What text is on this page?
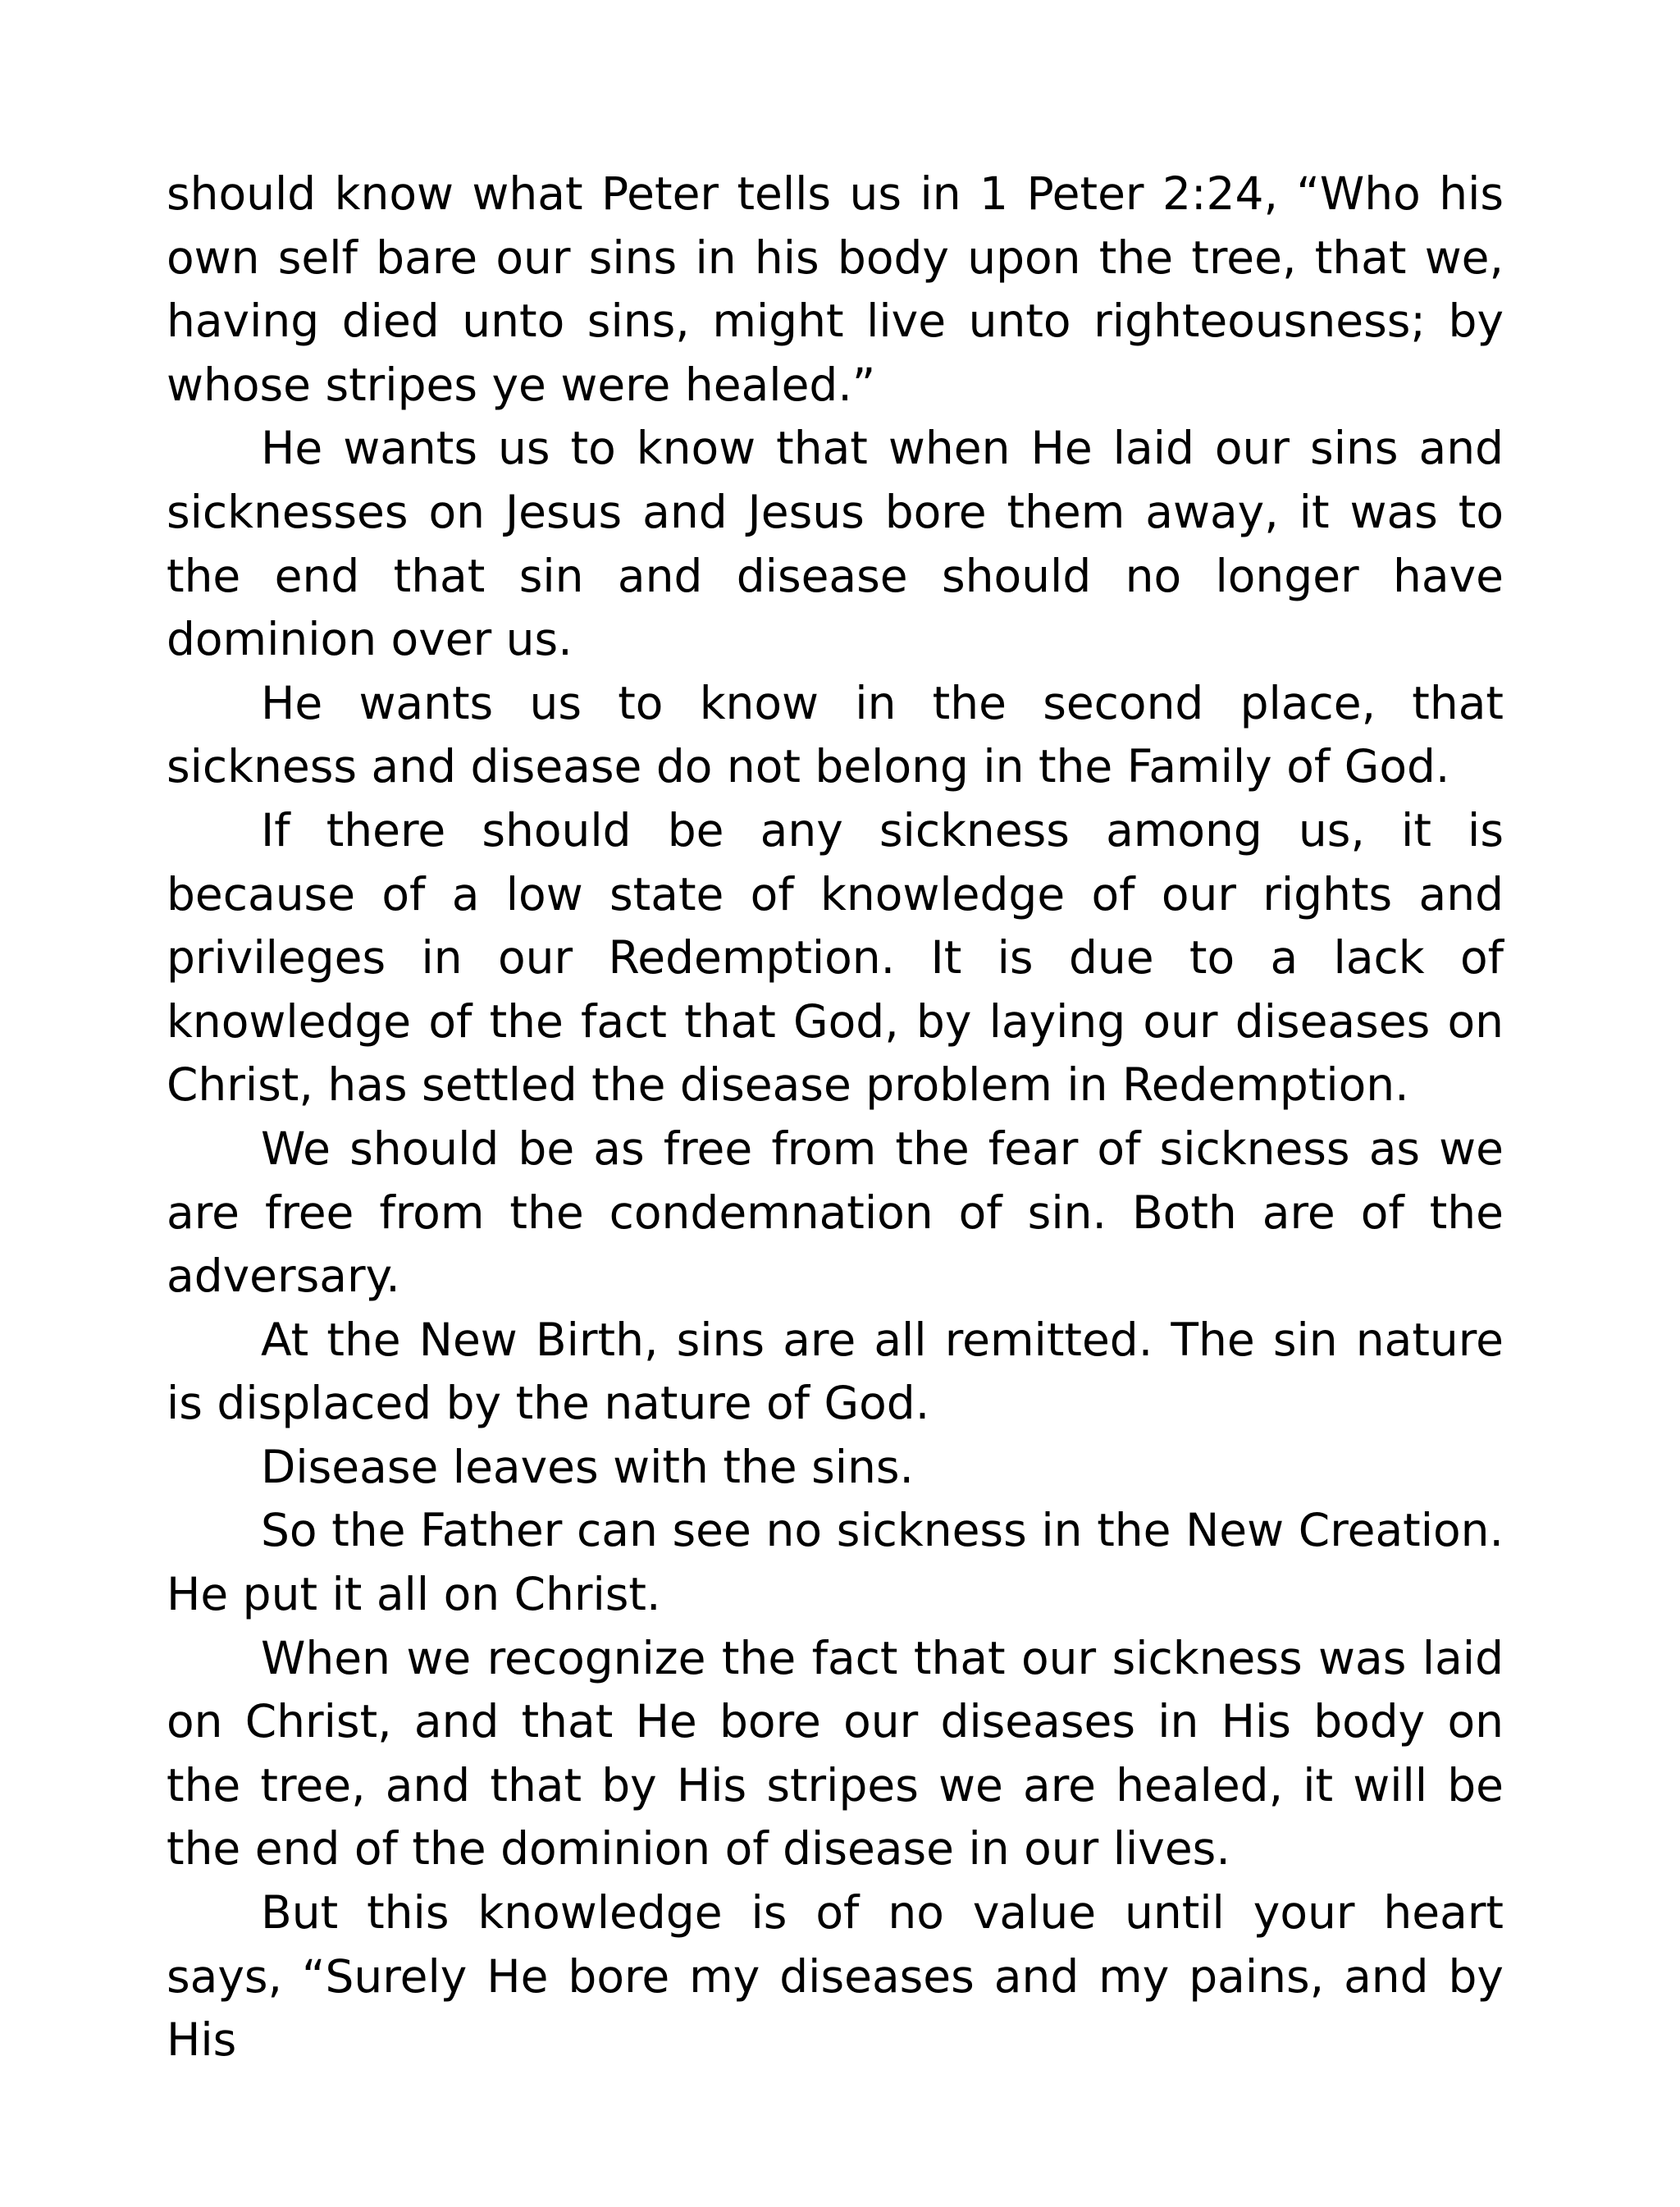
should know what Peter tells us in 1 Peter 2:24, “Who his own self bare our sins in his body upon the tree, that we, having died unto sins, might live unto righteousness; by whose stripes ye were healed.”

He wants us to know that when He laid our sins and sicknesses on Jesus and Jesus bore them away, it was to the end that sin and disease should no longer have dominion over us.

He wants us to know in the second place, that sickness and disease do not belong in the Family of God.

If there should be any sickness among us, it is because of a low state of knowledge of our rights and privileges in our Redemption. It is due to a lack of knowledge of the fact that God, by laying our diseases on Christ, has settled the disease problem in Redemption.

We should be as free from the fear of sickness as we are free from the condemnation of sin. Both are of the adversary.

At the New Birth, sins are all remitted. The sin nature is displaced by the nature of God.

Disease leaves with the sins.

So the Father can see no sickness in the New Creation. He put it all on Christ.

When we recognize the fact that our sickness was laid on Christ, and that He bore our diseases in His body on the tree, and that by His stripes we are healed, it will be the end of the dominion of disease in our lives.

But this knowledge is of no value until your heart says, “Surely He bore my diseases and my pains, and by His
